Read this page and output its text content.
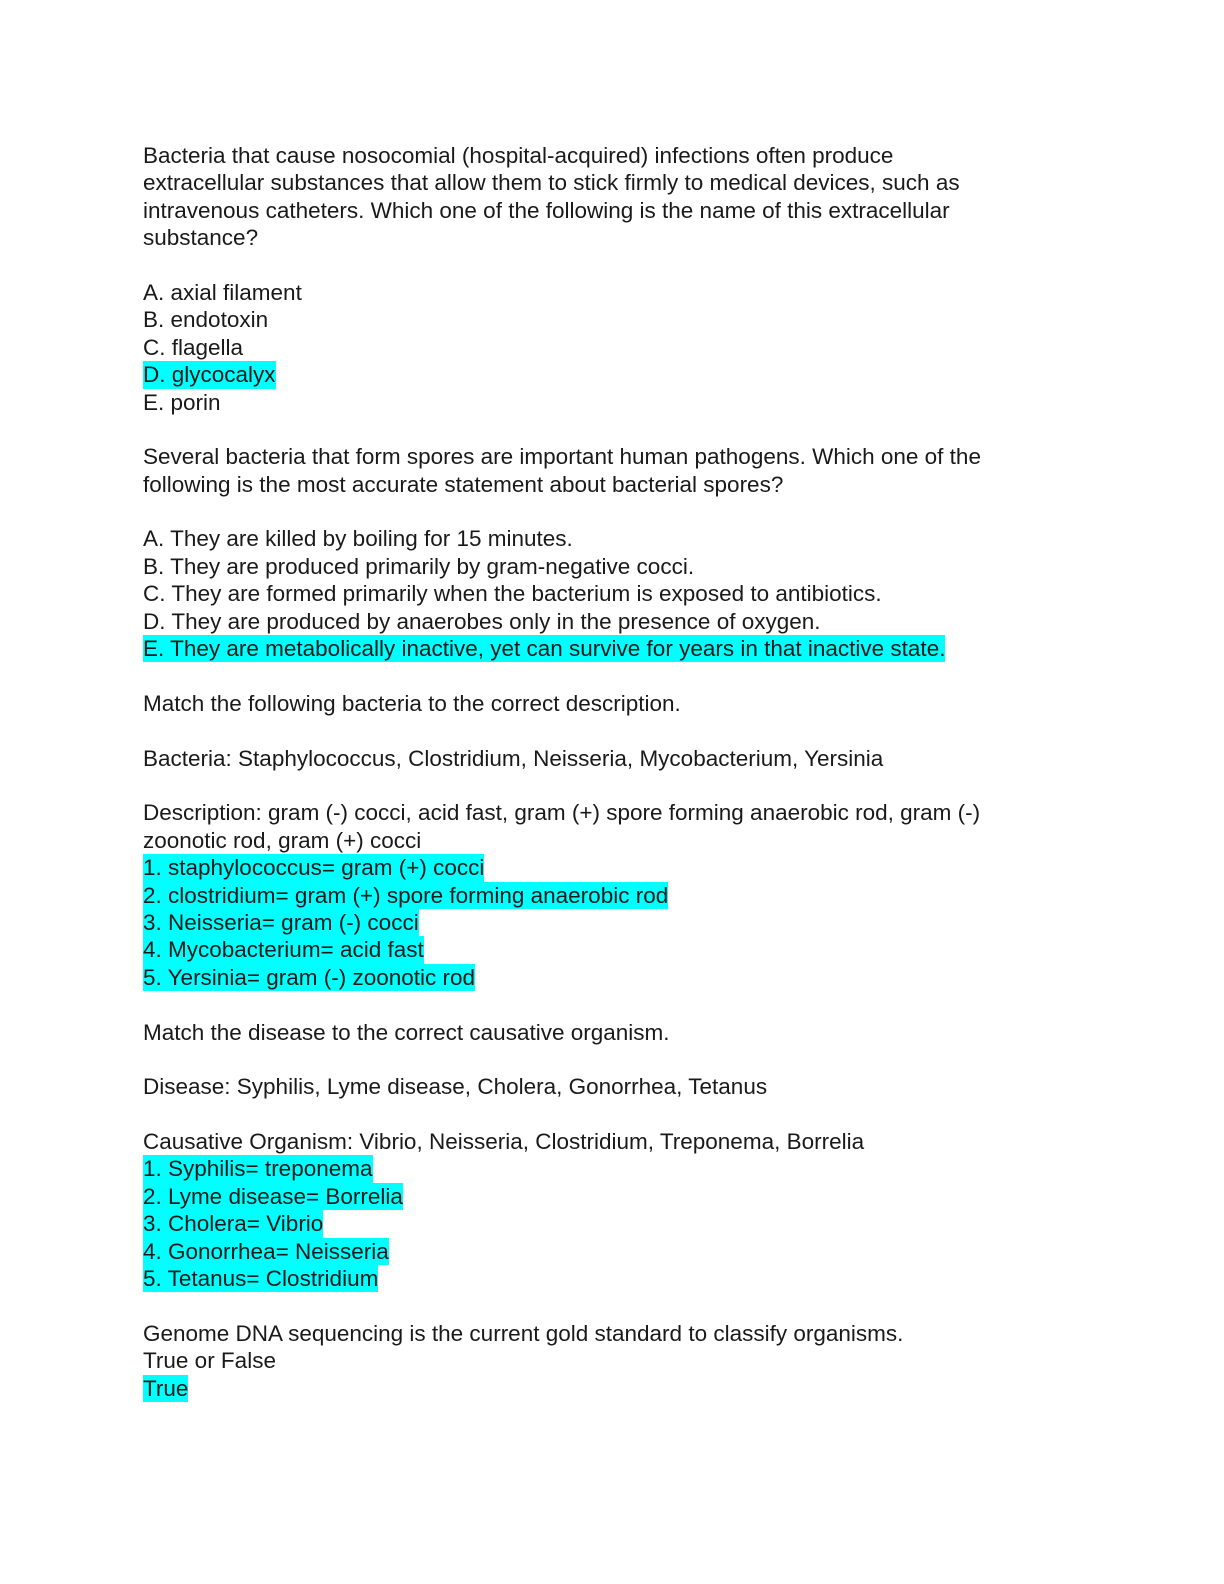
Bacteria that cause nosocomial (hospital-acquired) infections often produce
extracellular substances that allow them to stick firmly to medical devices, such as
intravenous catheters. Which one of the following is the name of this extracellular
substance?
A. axial filament
B. endotoxin
C. flagella
D. glycocalyx
E. porin
Several bacteria that form spores are important human pathogens. Which one of the
following is the most accurate statement about bacterial spores?
A. They are killed by boiling for 15 minutes.
B. They are produced primarily by gram-negative cocci.
C. They are formed primarily when the bacterium is exposed to antibiotics.
D. They are produced by anaerobes only in the presence of oxygen.
E. They are metabolically inactive, yet can survive for years in that inactive state.
Match the following bacteria to the correct description.
Bacteria: Staphylococcus, Clostridium, Neisseria, Mycobacterium, Yersinia
Description: gram (-) cocci, acid fast, gram (+) spore forming anaerobic rod, gram (-)
zoonotic rod, gram (+) cocci
1. staphylococcus= gram (+) cocci
2. clostridium= gram (+) spore forming anaerobic rod
3. Neisseria= gram (-) cocci
4. Mycobacterium= acid fast
5. Yersinia= gram (-) zoonotic rod
Match the disease to the correct causative organism.
Disease: Syphilis, Lyme disease, Cholera, Gonorrhea, Tetanus
Causative Organism: Vibrio, Neisseria, Clostridium, Treponema, Borrelia
1. Syphilis= treponema
2. Lyme disease= Borrelia
3. Cholera= Vibrio
4. Gonorrhea= Neisseria
5. Tetanus= Clostridium
Genome DNA sequencing is the current gold standard to classify organisms.
True or False
True
